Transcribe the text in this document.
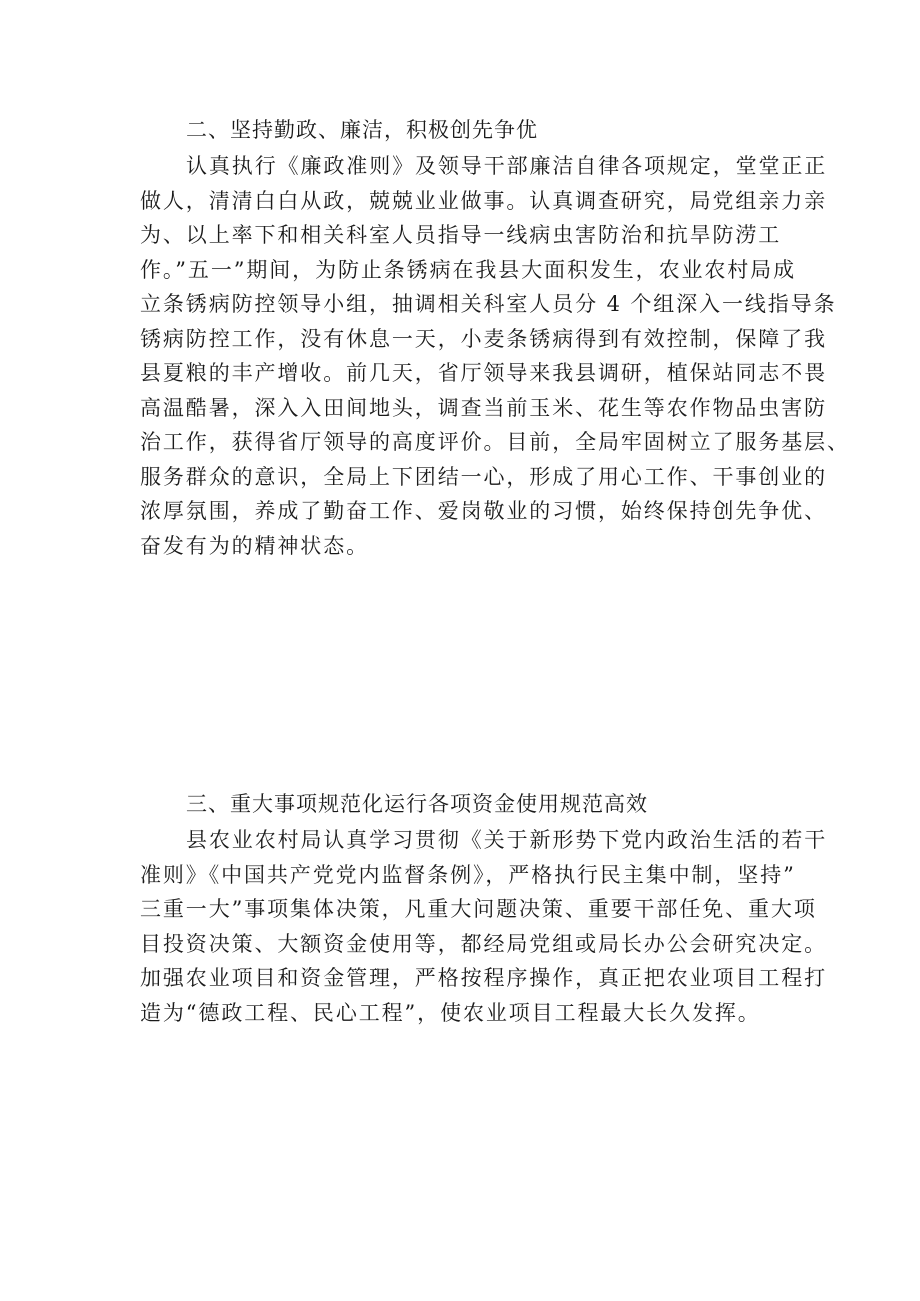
二、坚持勤政、廉洁，积极创先争优
认真执行《廉政准则》及领导干部廉洁自律各项规定，堂堂正正
做人，清清白白从政，兢兢业业做事。认真调查研究，局党组亲力亲
为、以上率下和相关科室人员指导一线病虫害防治和抗旱防涝工
作。”五一”期间，为防止条锈病在我县大面积发生，农业农村局成
立条锈病防控领导小组，抽调相关科室人员分 4 个组深入一线指导条
锈病防控工作，没有休息一天，小麦条锈病得到有效控制，保障了我
县夏粮的丰产增收。前几天，省厅领导来我县调研，植保站同志不畏
高温酷暑，深入入田间地头，调查当前玉米、花生等农作物品虫害防
治工作，获得省厅领导的高度评价。目前，全局牢固树立了服务基层、
服务群众的意识，全局上下团结一心，形成了用心工作、干事创业的
浓厚氛围，养成了勤奋工作、爱岗敬业的习惯，始终保持创先争优、
奋发有为的精神状态。
三、重大事项规范化运行各项资金使用规范高效
县农业农村局认真学习贯彻《关于新形势下党内政治生活的若干
准则》《中国共产党党内监督条例》，严格执行民主集中制，坚持”
三重一大”事项集体决策，凡重大问题决策、重要干部任免、重大项
目投资决策、大额资金使用等，都经局党组或局长办公会研究决定。
加强农业项目和资金管理，严格按程序操作，真正把农业项目工程打
造为“德政工程、民心工程”，使农业项目工程最大长久发挥。
